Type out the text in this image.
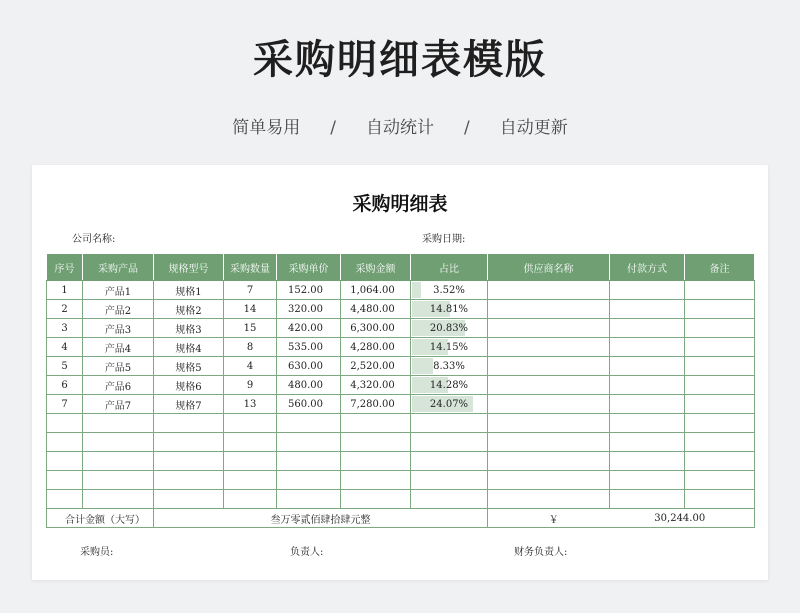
采购明细表模版
简单易用 / 自动统计 / 自动更新
采购明细表
公司名称:	采购日期:
序号	采购产品	规格型号	采购数量	采购单价	采购金额	占比	供应商名称	付款方式	备注
1	产品1	规格1	7	152.00	1,064.00	3.52%			
2	产品2	规格2	14	320.00	4,480.00	14.81%			
3	产品3	规格3	15	420.00	6,300.00	20.83%			
4	产品4	规格4	8	535.00	4,280.00	14.15%			
5	产品5	规格5	4	630.00	2,520.00	8.33%			
6	产品6	规格6	9	480.00	4,320.00	14.28%			
7	产品7	规格7	13	560.00	7,280.00	24.07%			

合计金额（大写）		叁万零贰佰肆拾肆元整					￥	30,244.00	
采购员:	负责人:	财务负责人:
